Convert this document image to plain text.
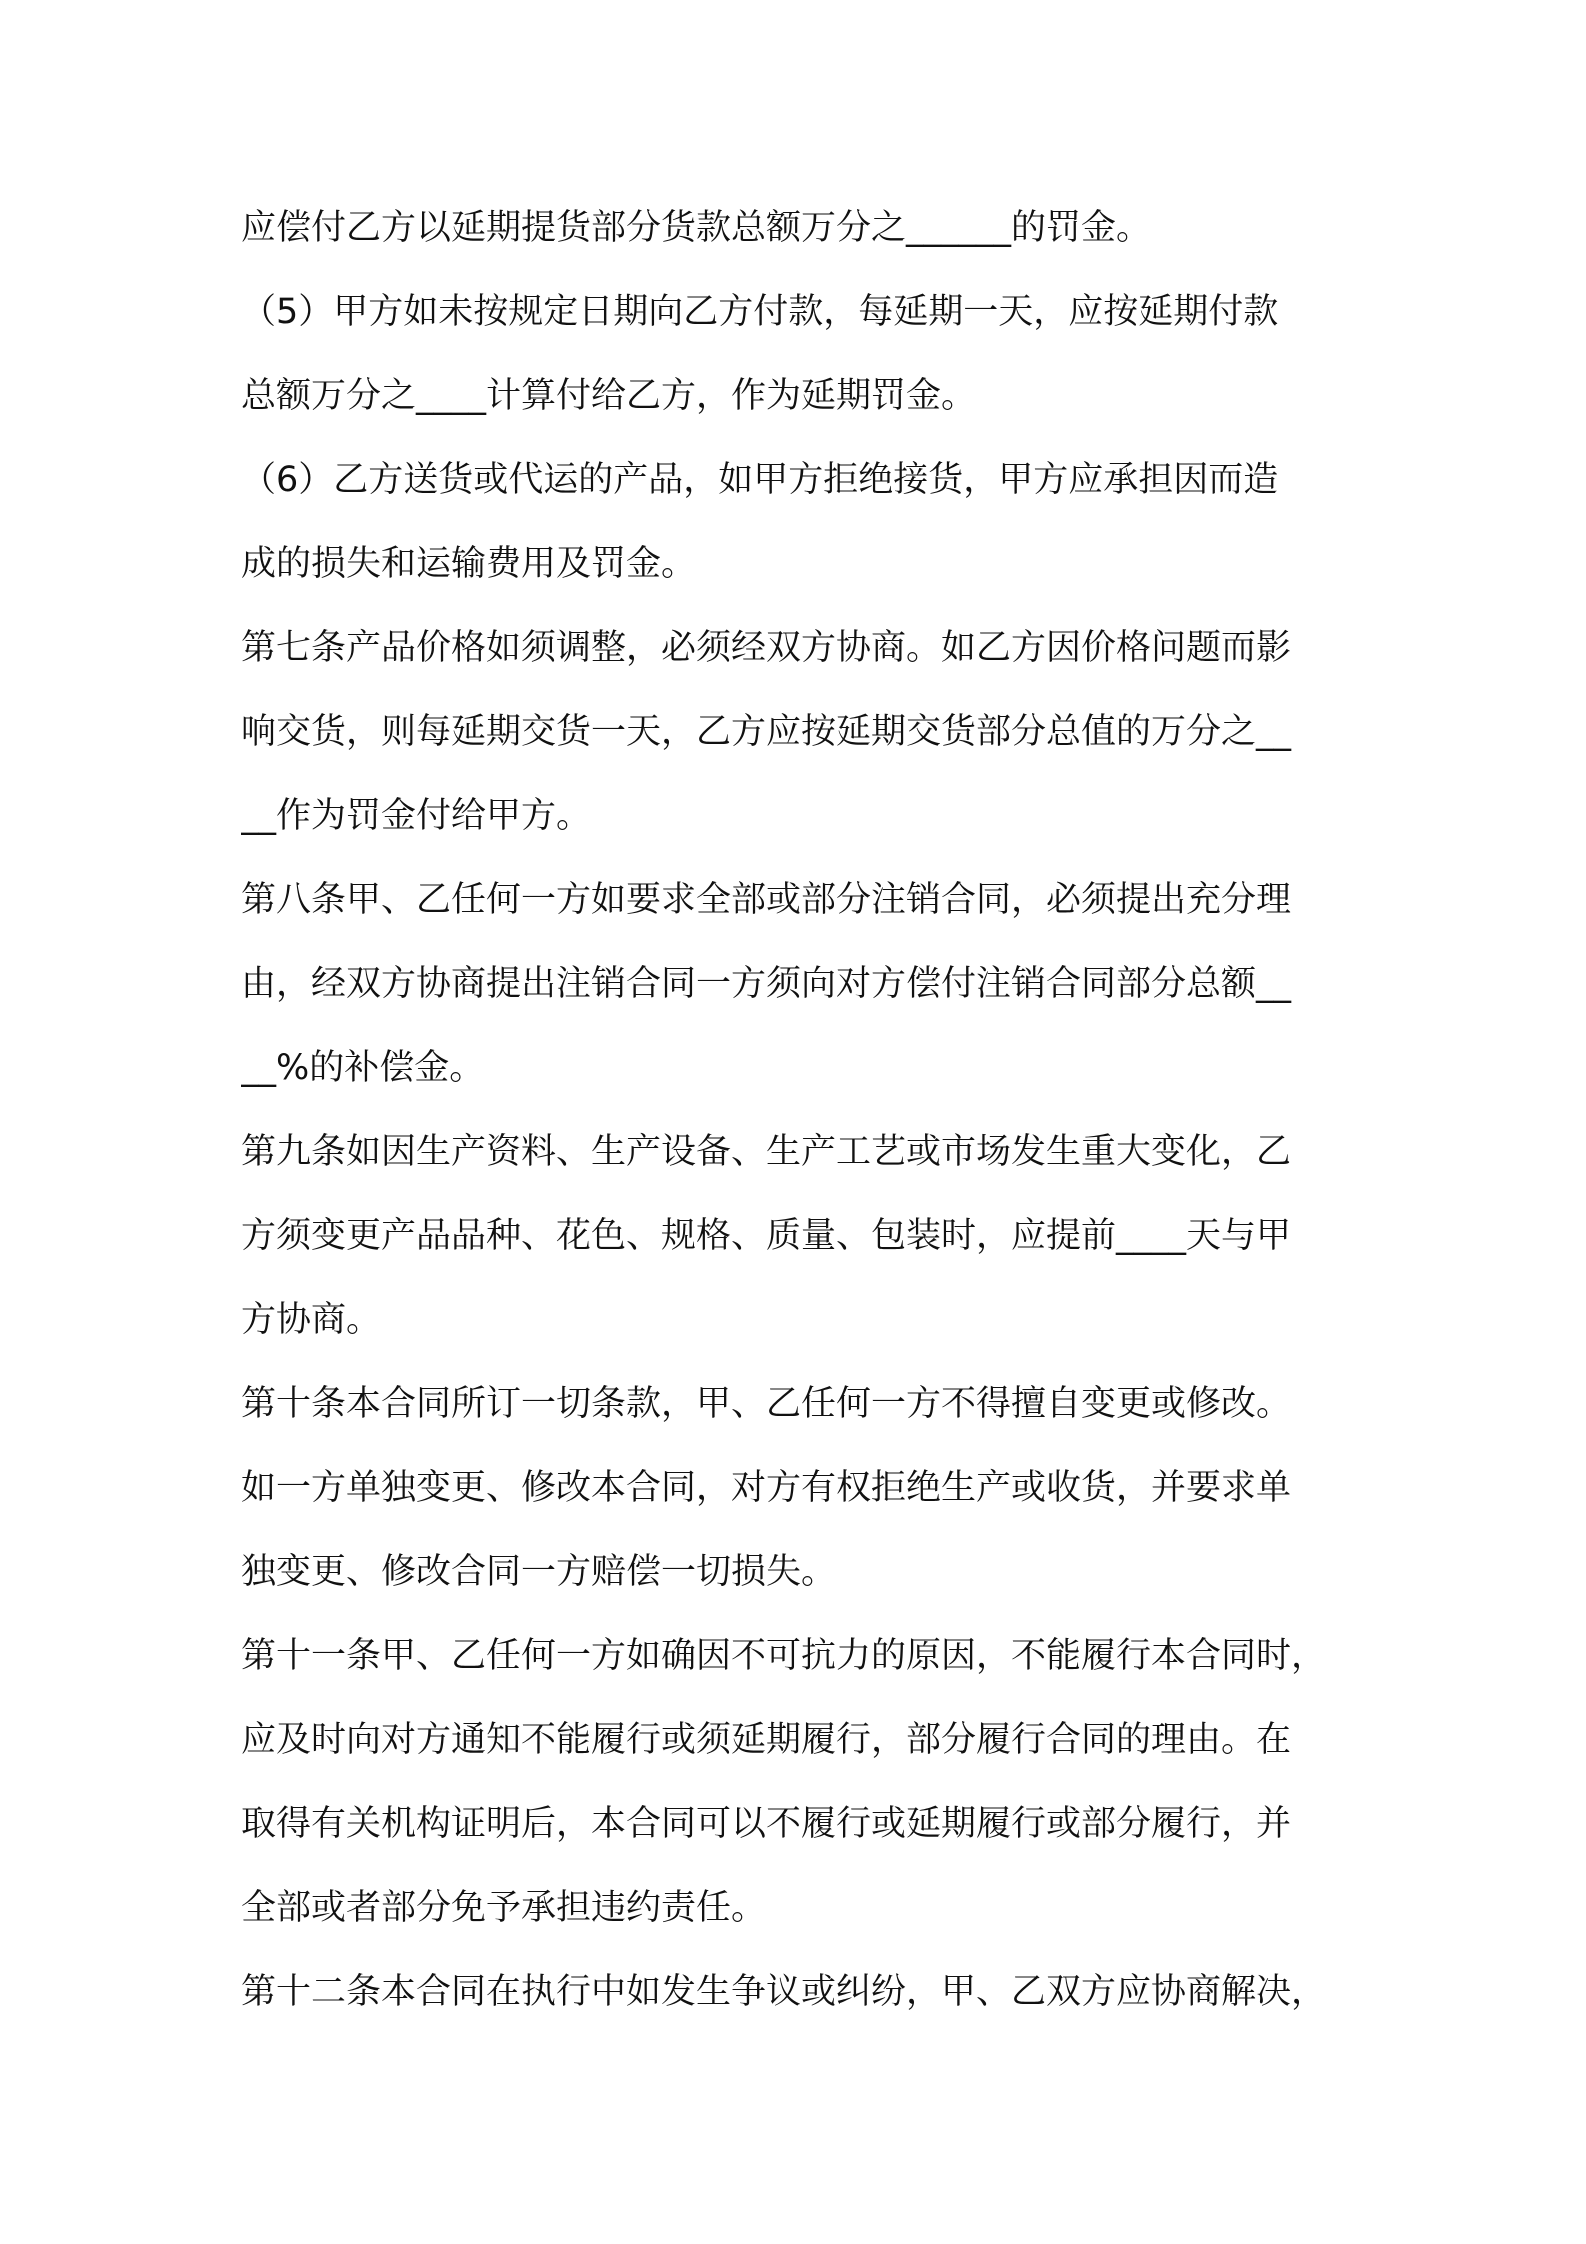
应偿付乙方以延期提货部分货款总额万分之______的罚金。
（5）甲方如未按规定日期向乙方付款，每延期一天，应按延期付款
总额万分之____计算付给乙方，作为延期罚金。
（6）乙方送货或代运的产品，如甲方拒绝接货，甲方应承担因而造
成的损失和运输费用及罚金。
第七条产品价格如须调整，必须经双方协商。如乙方因价格问题而影
响交货，则每延期交货一天，乙方应按延期交货部分总值的万分之__
__作为罚金付给甲方。
第八条甲、乙任何一方如要求全部或部分注销合同，必须提出充分理
由，经双方协商提出注销合同一方须向对方偿付注销合同部分总额__
__%的补偿金。
第九条如因生产资料、生产设备、生产工艺或市场发生重大变化，乙
方须变更产品品种、花色、规格、质量、包装时，应提前____天与甲
方协商。
第十条本合同所订一切条款，甲、乙任何一方不得擅自变更或修改。
如一方单独变更、修改本合同，对方有权拒绝生产或收货，并要求单
独变更、修改合同一方赔偿一切损失。
第十一条甲、乙任何一方如确因不可抗力的原因，不能履行本合同时，
应及时向对方通知不能履行或须延期履行，部分履行合同的理由。在
取得有关机构证明后，本合同可以不履行或延期履行或部分履行，并
全部或者部分免予承担违约责任。
第十二条本合同在执行中如发生争议或纠纷，甲、乙双方应协商解决，
